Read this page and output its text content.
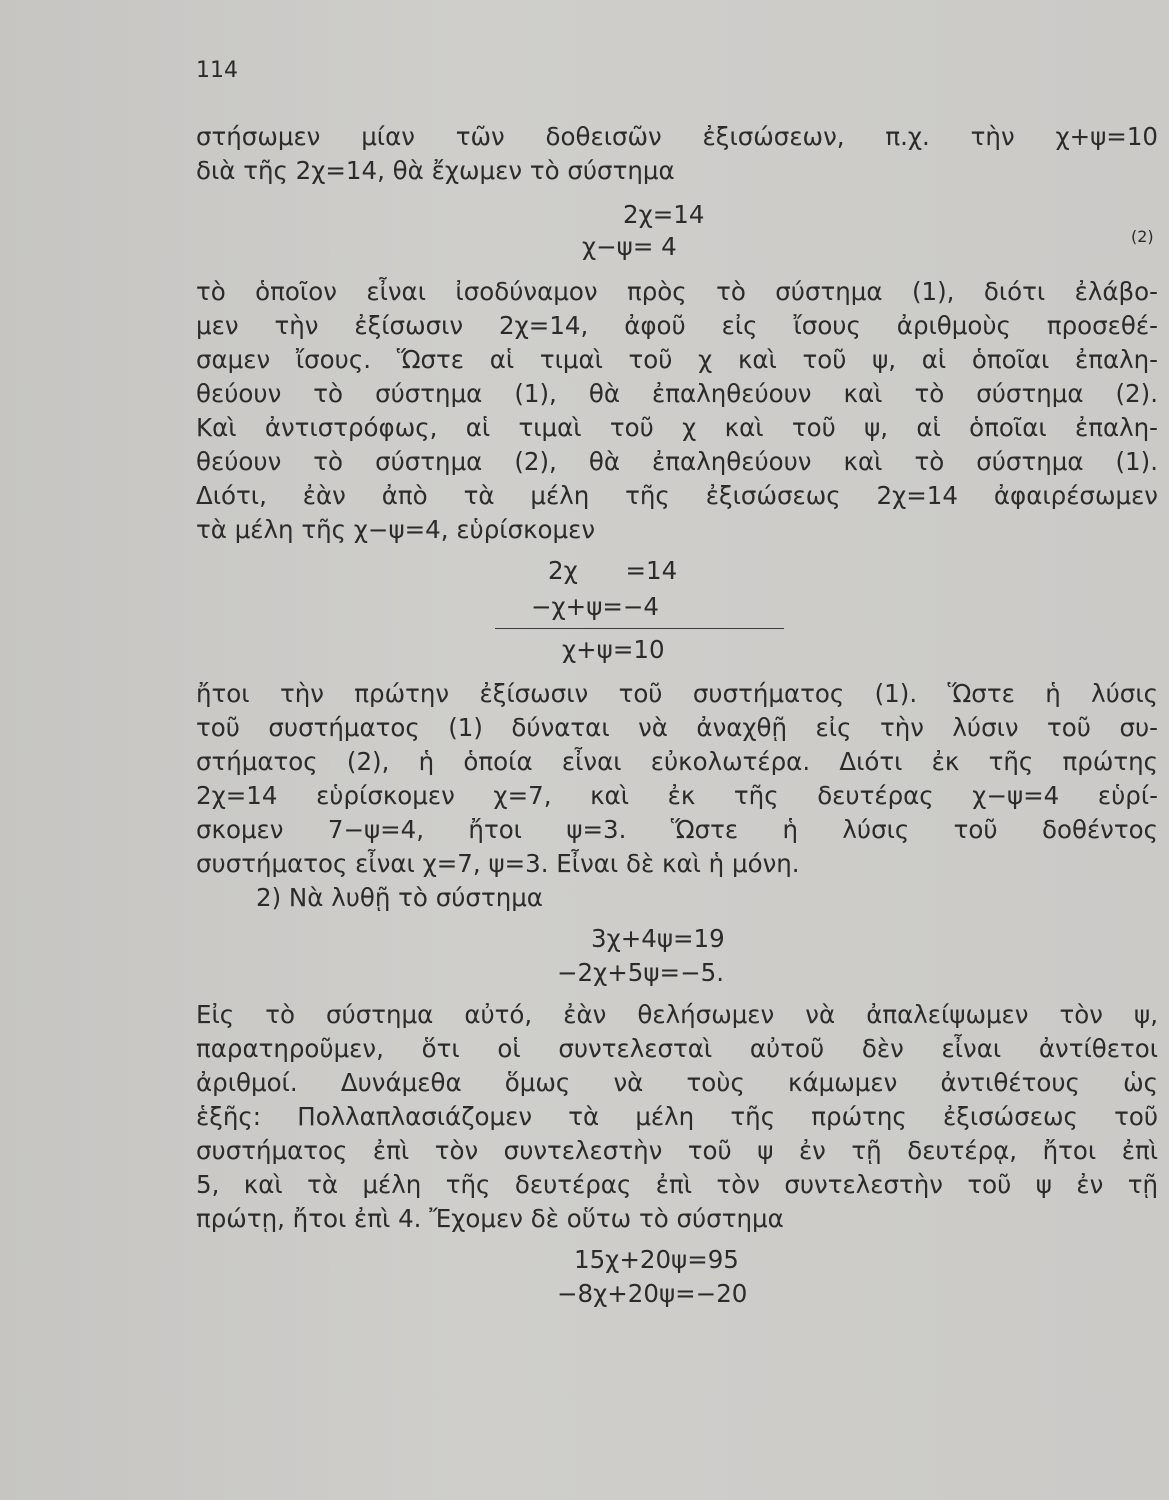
114
στήσωμεν μίαν τῶν δοθεισῶν ἐξισώσεων, π.χ. τὴν χ+ψ=10
διὰ τῆς 2χ=14, θὰ ἔχωμεν τὸ σύστημα
2χ=14
χ−ψ= 4	(2)
τὸ ὁποῖον εἶναι ἰσοδύναμον πρὸς τὸ σύστημα (1), διότι ἐλάβο-
μεν τὴν ἐξίσωσιν 2χ=14, ἀφοῦ εἰς ἴσους ἀριθμοὺς προσεθέ-
σαμεν ἴσους. Ὥστε αἱ τιμαὶ τοῦ χ καὶ τοῦ ψ, αἱ ὁποῖαι ἐπαλη-
θεύουν τὸ σύστημα (1), θὰ ἐπαληθεύουν καὶ τὸ σύστημα (2).
Καὶ ἀντιστρόφως, αἱ τιμαὶ τοῦ χ καὶ τοῦ ψ, αἱ ὁποῖαι ἐπαλη-
θεύουν τὸ σύστημα (2), θὰ ἐπαληθεύουν καὶ τὸ σύστημα (1).
Διότι, ἐὰν ἀπὸ τὰ μέλη τῆς ἐξισώσεως 2χ=14 ἀφαιρέσωμεν
τὰ μέλη τῆς χ−ψ=4, εὑρίσκομεν
2χ =14
−χ+ψ=−4
χ+ψ=10
ἤτοι τὴν πρώτην ἐξίσωσιν τοῦ συστήματος (1). Ὥστε ἡ λύσις
τοῦ συστήματος (1) δύναται νὰ ἀναχθῇ εἰς τὴν λύσιν τοῦ συ-
στήματος (2), ἡ ὁποία εἶναι εὐκολωτέρα. Διότι ἐκ τῆς πρώτης
2χ=14 εὑρίσκομεν χ=7, καὶ ἐκ τῆς δευτέρας χ−ψ=4 εὑρί-
σκομεν 7−ψ=4, ἤτοι ψ=3. Ὥστε ἡ λύσις τοῦ δοθέντος
συστήματος εἶναι χ=7, ψ=3. Εἶναι δὲ καὶ ἡ μόνη.
2) Νὰ λυθῇ τὸ σύστημα
3χ+4ψ=19
−2χ+5ψ=−5.
Εἰς τὸ σύστημα αὐτό, ἐὰν θελήσωμεν νὰ ἀπαλείψωμεν τὸν ψ,
παρατηροῦμεν, ὅτι οἱ συντελεσταὶ αὐτοῦ δὲν εἶναι ἀντίθετοι
ἀριθμοί. Δυνάμεθα ὅμως νὰ τοὺς κάμωμεν ἀντιθέτους ὡς
ἑξῆς: Πολλαπλασιάζομεν τὰ μέλη τῆς πρώτης ἐξισώσεως τοῦ
συστήματος ἐπὶ τὸν συντελεστὴν τοῦ ψ ἐν τῇ δευτέρᾳ, ἤτοι ἐπὶ
5, καὶ τὰ μέλη τῆς δευτέρας ἐπὶ τὸν συντελεστὴν τοῦ ψ ἐν τῇ
πρώτῃ, ἤτοι ἐπὶ 4. Ἔχομεν δὲ οὕτω τὸ σύστημα
15χ+20ψ=95
−8χ+20ψ=−20
